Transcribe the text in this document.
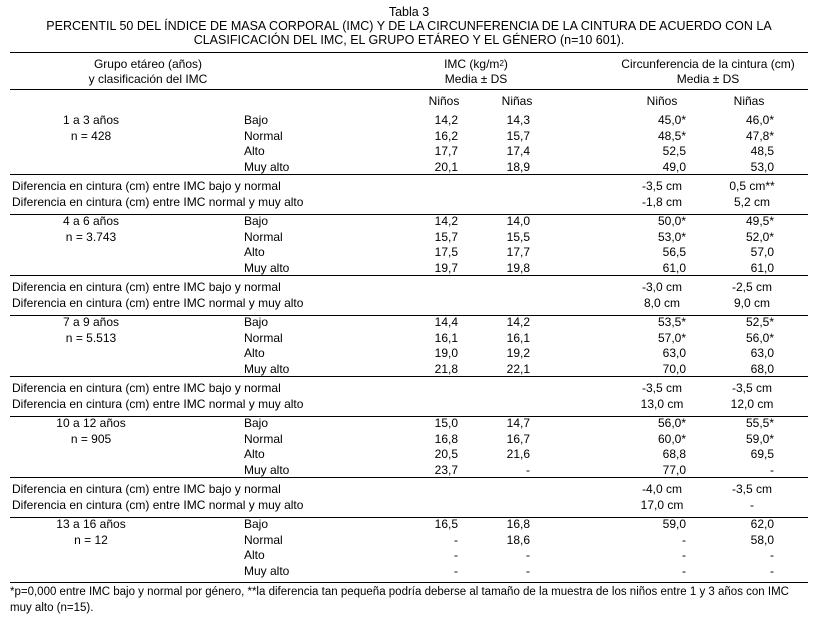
Tabla 3
PERCENTIL 50 DEL ÍNDICE DE MASA CORPORAL (IMC) Y DE LA CIRCUNFERENCIA DE LA CINTURA DE ACUERDO CON LA
CLASIFICACIÓN DEL IMC, EL GRUPO ETÁREO Y EL GÉNERO (n=10 601).
Grupo etáreo (años)
y clasificación del IMC
IMC $(kg/m^2)$
Media ± DS
Circunferencia de la cintura (cm)
Media ± DS
Niños	Niñas	Niños	Niñas
1 a 3 años
n = 428
Bajo	14,2	14,3	45,0*	46,0*
Normal	16,2	15,7	48,5*	47,8*
Alto	17,7	17,4	52,5	48,5
Muy alto	20,1	18,9	49,0	53,0
Diferencia en cintura (cm) entre IMC bajo y normal	-3,5 cm	0,5 cm**
Diferencia en cintura (cm) entre IMC normal y muy alto	-1,8 cm	5,2 cm
4 a 6 años
n = 3.743
Bajo	14,2	14,0	50,0*	49,5*
Normal	15,7	15,5	53,0*	52,0*
Alto	17,5	17,7	56,5	57,0
Muy alto	19,7	19,8	61,0	61,0
Diferencia en cintura (cm) entre IMC bajo y normal	-3,0 cm	-2,5 cm
Diferencia en cintura (cm) entre IMC normal y muy alto	8,0 cm	9,0 cm
7 a 9 años
n = 5.513
Bajo	14,4	14,2	53,5*	52,5*
Normal	16,1	16,1	57,0*	56,0*
Alto	19,0	19,2	63,0	63,0
Muy alto	21,8	22,1	70,0	68,0
Diferencia en cintura (cm) entre IMC bajo y normal	-3,5 cm	-3,5 cm
Diferencia en cintura (cm) entre IMC normal y muy alto	13,0 cm	12,0 cm
10 a 12 años
n = 905
Bajo	15,0	14,7	56,0*	55,5*
Normal	16,8	16,7	60,0*	59,0*
Alto	20,5	21,6	68,8	69,5
Muy alto	23,7	-	77,0	-
Diferencia en cintura (cm) entre IMC bajo y normal	-4,0 cm	-3,5 cm
Diferencia en cintura (cm) entre IMC normal y muy alto	17,0 cm	-
13 a 16 años
n = 12
Bajo	16,5	16,8	59,0	62,0
Normal	-	18,6	-	58,0
Alto	-	-	-	-
Muy alto	-	-	-	-
*p=0,000 entre IMC bajo y normal por género, **la diferencia tan pequeña podría deberse al tamaño de la muestra de los niños entre 1 y 3 años con IMC muy alto (n=15).
